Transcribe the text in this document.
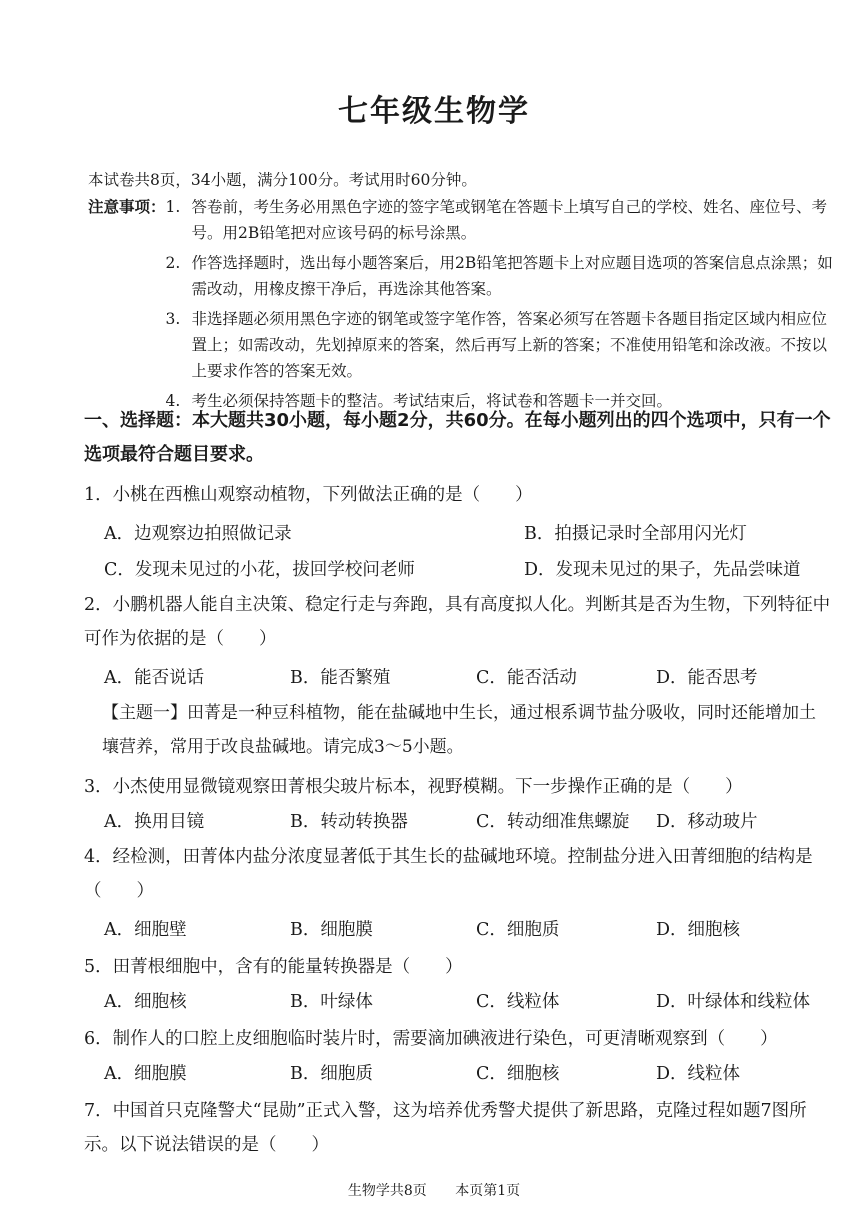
七年级生物学
本试卷共8页，34小题，满分100分。考试用时60分钟。
注意事项： 1. 答卷前，考生务必用黑色字迹的签字笔或钢笔在答题卡上填写自己的学校、姓名、座位号、考号。用2B铅笔把对应该号码的标号涂黑。
2. 作答选择题时，选出每小题答案后，用2B铅笔把答题卡上对应题目选项的答案信息点涂黑；如需改动，用橡皮擦干净后，再选涂其他答案。
3. 非选择题必须用黑色字迹的钢笔或签字笔作答，答案必须写在答题卡各题目指定区域内相应位置上；如需改动，先划掉原来的答案，然后再写上新的答案；不准使用铅笔和涂改液。不按以上要求作答的答案无效。
4. 考生必须保持答题卡的整洁。考试结束后，将试卷和答题卡一并交回。
一、选择题：本大题共30小题，每小题2分，共60分。在每小题列出的四个选项中，只有一个选项最符合题目要求。
1．小桃在西樵山观察动植物，下列做法正确的是（　　）
A．边观察边拍照做记录	B．拍摄记录时全部用闪光灯
C．发现未见过的小花，拔回学校问老师	D．发现未见过的果子，先品尝味道
2．小鹏机器人能自主决策、稳定行走与奔跑，具有高度拟人化。判断其是否为生物，下列特征中可作为依据的是（　　）
A．能否说话	B．能否繁殖	C．能否活动	D．能否思考
【主题一】田菁是一种豆科植物，能在盐碱地中生长，通过根系调节盐分吸收，同时还能增加土壤营养，常用于改良盐碱地。请完成3～5小题。
3．小杰使用显微镜观察田菁根尖玻片标本，视野模糊。下一步操作正确的是（　　）
A．换用目镜	B．转动转换器	C．转动细准焦螺旋	D．移动玻片
4．经检测，田菁体内盐分浓度显著低于其生长的盐碱地环境。控制盐分进入田菁细胞的结构是（　　）
A．细胞壁	B．细胞膜	C．细胞质	D．细胞核
5．田菁根细胞中，含有的能量转换器是（　　）
A．细胞核	B．叶绿体	C．线粒体	D．叶绿体和线粒体
6．制作人的口腔上皮细胞临时装片时，需要滴加碘液进行染色，可更清晰观察到（　　）
A．细胞膜	B．细胞质	C．细胞核	D．线粒体
7．中国首只克隆警犬“昆勋”正式入警，这为培养优秀警犬提供了新思路，克隆过程如题7图所示。以下说法错误的是（　　）
生物学共8页 本页第1页
